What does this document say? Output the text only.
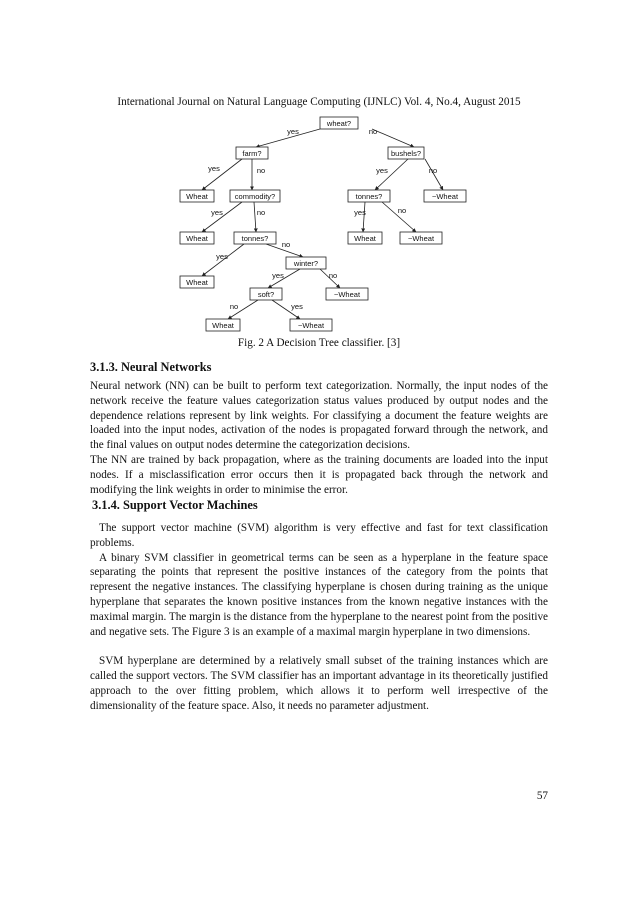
International Journal on Natural Language Computing (IJNLC) Vol. 4, No.4, August 2015
wheat?
farm?	bushels?
Wheat	commodity?	tonnes?	~Wheat
Wheat	tonnes?	Wheat	~Wheat
Wheat
winter?
soft?	~Wheat
Wheat	~Wheat
yes	no
yes	no	yes	no
yes	no	yes	no
yes
no
yes	no
no	yes
Fig. 2 A Decision Tree classifier. [3]
3.1.3. Neural Networks

Neural network (NN) can be built to perform text categorization. Normally, the input nodes of the network receive the feature values categorization status values produced by output nodes and the dependence relations represent by link weights. For classifying a document the feature weights are loaded into the input nodes, activation of the nodes is propagated forward through the network, and the final values on output nodes determine the categorization decisions.

The NN are trained by back propagation, where as the training documents are loaded into the input nodes. If a misclassification error occurs then it is propagated back through the network and modifying the link weights in order to minimise the error.

3.1.4. Support Vector Machines

The support vector machine (SVM) algorithm is very effective and fast for text classification problems.

A binary SVM classifier in geometrical terms can be seen as a hyperplane in the feature space separating the points that represent the positive instances of the category from the points that represent the negative instances. The classifying hyperplane is chosen during training as the unique hyperplane that separates the known positive instances from the known negative instances with the maximal margin. The margin is the distance from the hyperplane to the nearest point from the positive and negative sets. The Figure 3 is an example of a maximal margin hyperplane in two dimensions.

SVM hyperplane are determined by a relatively small subset of the training instances which are called the support vectors. The SVM classifier has an important advantage in its theoretically justified approach to the over fitting problem, which allows it to perform well irrespective of the dimensionality of the feature space. Also, it needs no parameter adjustment.

57
